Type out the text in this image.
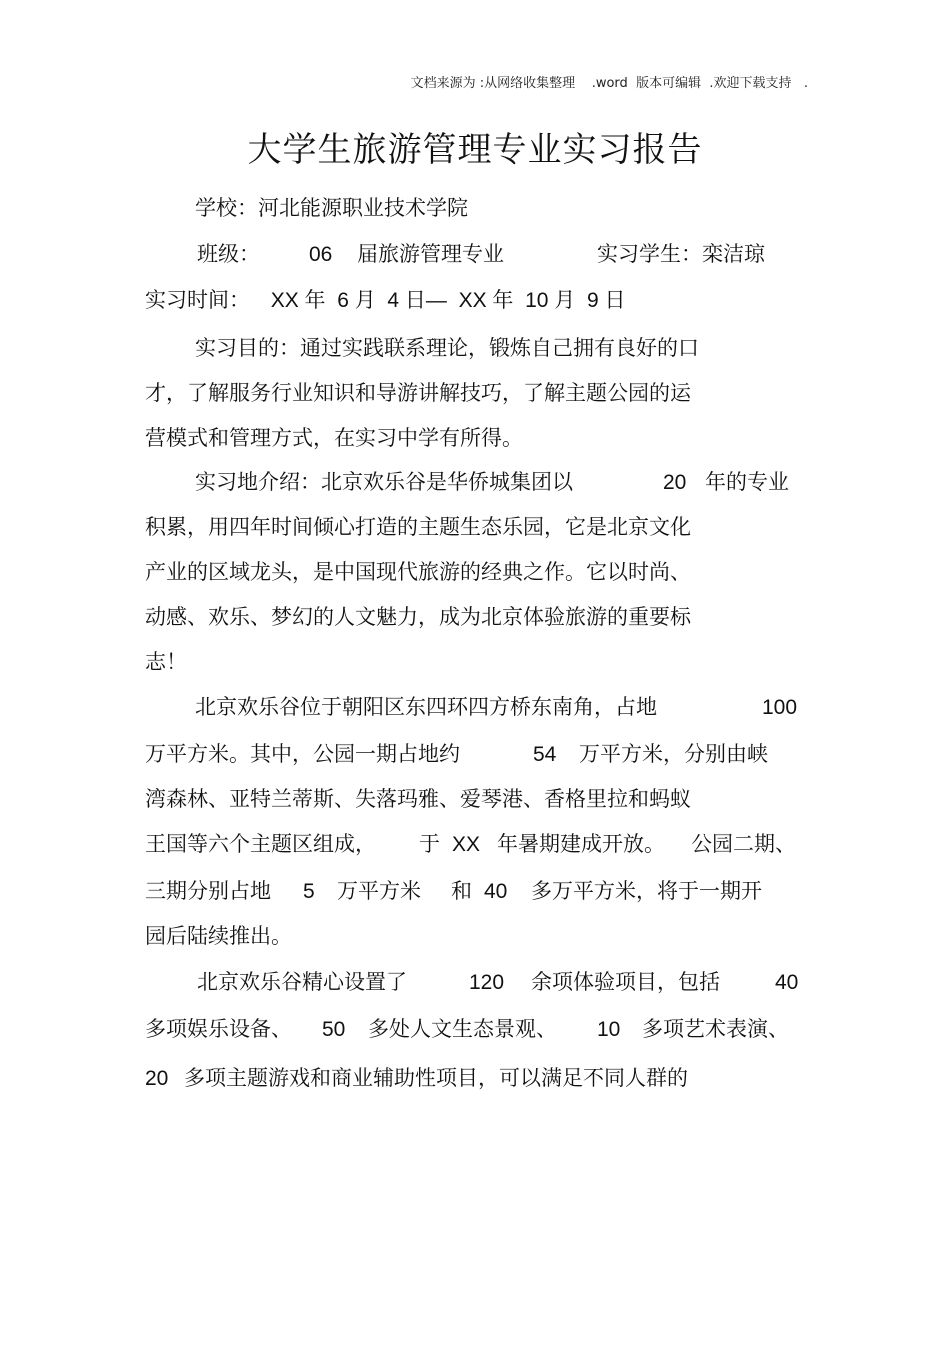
文档来源为 :从网络收集整理    .word  版本可编辑  .欢迎下载支持   .
大学生旅游管理专业实习报告
学校：河北能源职业技术学院
班级： 06 届旅游管理专业	实习学生：栾洁琼
实习时间： XX 年  6 月  4 日—  XX 年  10 月  9 日
实习目的：通过实践联系理论，锻炼自己拥有良好的口
才，了解服务行业知识和导游讲解技巧，了解主题公园的运
营模式和管理方式，在实习中学有所得。
实习地介绍：北京欢乐谷是华侨城集团以	20 年的专业
积累，用四年时间倾心打造的主题生态乐园，它是北京文化
产业的区域龙头，是中国现代旅游的经典之作。它以时尚、
动感、欢乐、梦幻的人文魅力，成为北京体验旅游的重要标
志！
北京欢乐谷位于朝阳区东四环四方桥东南角，占地	100
万平方米。其中，公园一期占地约	54 万平方米，分别由峡
湾森林、亚特兰蒂斯、失落玛雅、爱琴港、香格里拉和蚂蚁
王国等六个主题区组成， 于 XX 年暑期建成开放。 公园二期、
三期分别占地 5 万平方米 和 40 多万平方米，将于一期开
园后陆续推出。
北京欢乐谷精心设置了	120 余项体验项目，包括	40
多项娱乐设备、 50 多处人文生态景观、 10 多项艺术表演、
20 多项主题游戏和商业辅助性项目，可以满足不同人群的
